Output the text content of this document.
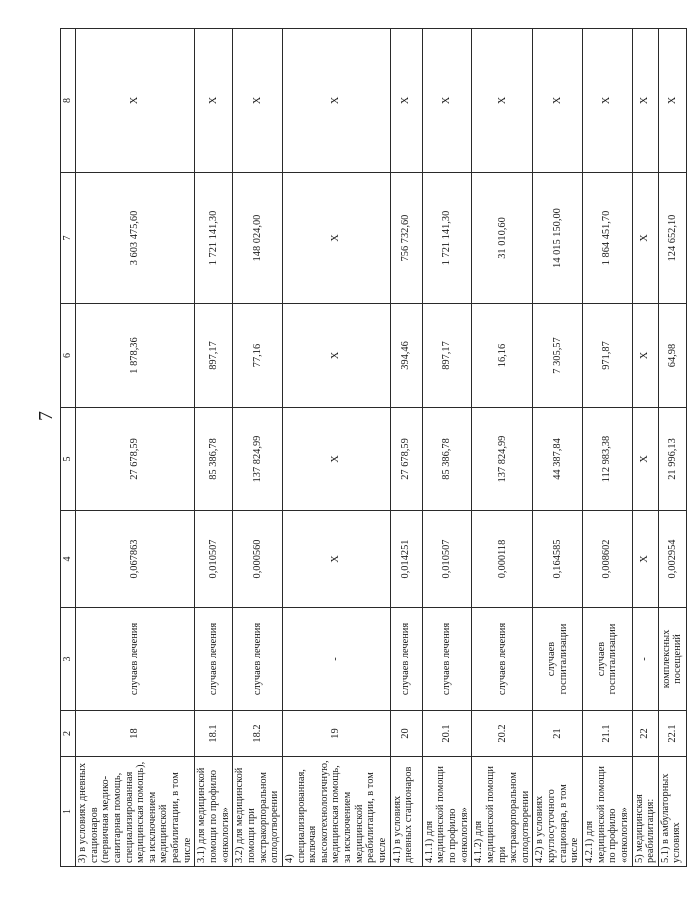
7
1	2	3	4	5	6	7	8
3) в условиях дневных стационаров (первичная медико-санитарная помощь, специализированная медицинская помощь), за исключением медицинской реабилитации, в том числе	18	случаев лечения	0,067863	27 678,59	1 878,36	3 603 475,60	Х
3.1) для медицинской помощи по профилю «онкология»	18.1	случаев лечения	0,010507	85 386,78	897,17	1 721 141,30	Х
3.2) для медицинской помощи при экстракорпоральном оплодотворении	18.2	случаев лечения	0,000560	137 824,99	77,16	148 024,00	Х
4) специализированная, включая высокотехнологичную, медицинская помощь, за исключением медицинской реабилитации, в том числе	19	-	Х	Х	Х	Х	Х
4.1) в условиях дневных стационаров	20	случаев лечения	0,014251	27 678,59	394,46	756 732,60	Х
4.1.1) для медицинской помощи по профилю «онкология»	20.1	случаев лечения	0,010507	85 386,78	897,17	1 721 141,30	Х
4.1.2) для медицинской помощи при экстракорпоральном оплодотворении	20.2	случаев лечения	0,000118	137 824,99	16,16	31 010,60	Х
4.2) в условиях круглосуточного стационара, в том числе	21	случаев госпитализации	0,164585	44 387,84	7 305,57	14 015 150,00	Х
4.2.1) для медицинской помощи по профилю «онкология»	21.1	случаев госпитализации	0,008602	112 983,38	971,87	1 864 451,70	Х
5) медицинская реабилитация:	22	-	Х	Х	Х	Х	Х
5.1) в амбулаторных условиях	22.1	комплексных посещений	0,002954	21 996,13	64,98	124 652,10	Х
